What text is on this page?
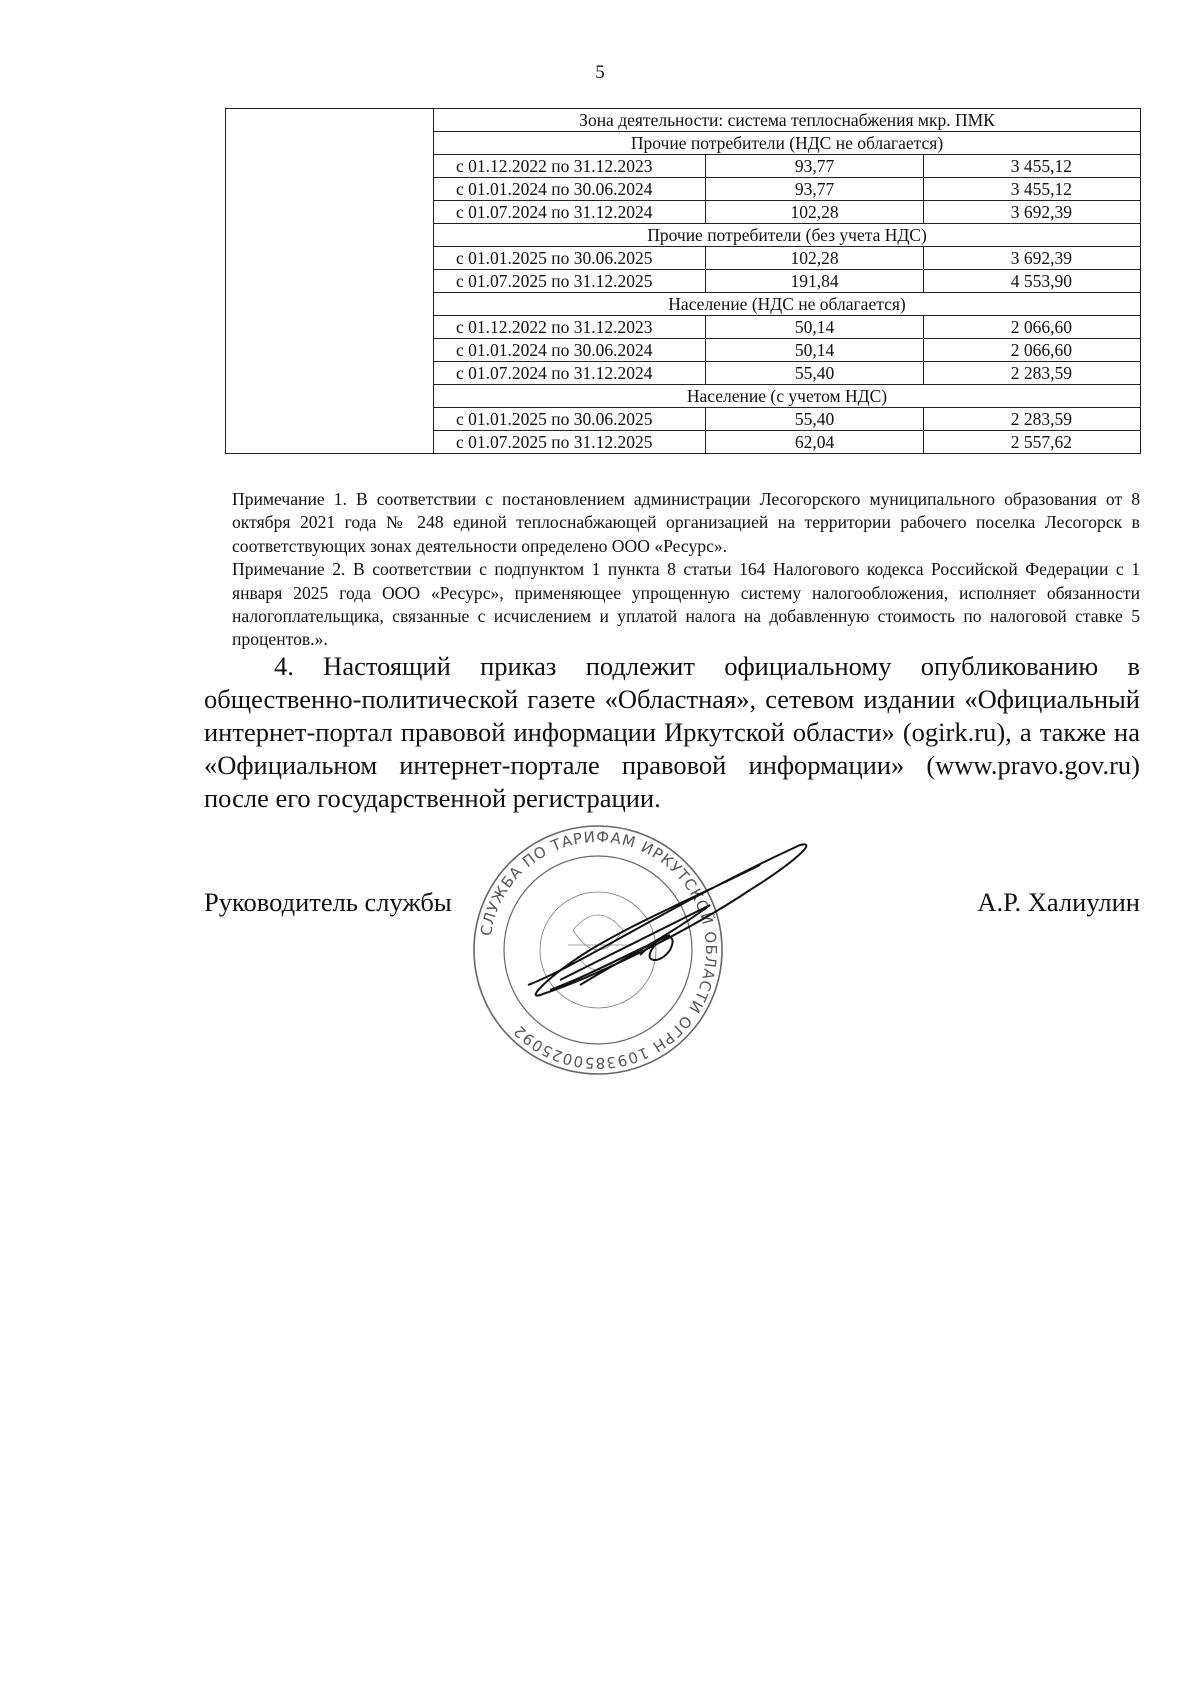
5
	Зона деятельности: система теплоснабжения мкр. ПМК		
	Прочие потребители (НДС не облагается)		
	с 01.12.2022 по 31.12.2023	93,77	3 455,12
	с 01.01.2024 по 30.06.2024	93,77	3 455,12
	с 01.07.2024 по 31.12.2024	102,28	3 692,39
	Прочие потребители (без учета НДС)		
	с 01.01.2025 по 30.06.2025	102,28	3 692,39
	с 01.07.2025 по 31.12.2025	191,84	4 553,90
	Население (НДС не облагается)		
	с 01.12.2022 по 31.12.2023	50,14	2 066,60
	с 01.01.2024 по 30.06.2024	50,14	2 066,60
	с 01.07.2024 по 31.12.2024	55,40	2 283,59
	Население (с учетом НДС)		
	с 01.01.2025 по 30.06.2025	55,40	2 283,59
	с 01.07.2025 по 31.12.2025	62,04	2 557,62

Примечание 1. В соответствии с постановлением администрации Лесогорского муниципального образования от 8 октября 2021 года № 248 единой теплоснабжающей организацией на территории рабочего поселка Лесогорск в соответствующих зонах деятельности определено ООО «Ресурс».

Примечание 2. В соответствии с подпунктом 1 пункта 8 статьи 164 Налогового кодекса Российской Федерации с 1 января 2025 года ООО «Ресурс», применяющее упрощенную систему налогообложения, исполняет обязанности налогоплательщика, связанные с исчислением и уплатой налога на добавленную стоимость по налоговой ставке 5 процентов.».

4. Настоящий приказ подлежит официальному опубликованию в общественно-политической газете «Областная», сетевом издании «Официальный интернет-портал правовой информации Иркутской области» (ogirk.ru), а также на «Официальном интернет-портале правовой информации» (www.pravo.gov.ru) после его государственной регистрации.
СЛУЖБА ПО ТАРИФАМ ИРКУТСКОЙ ОБЛАСТИ ОГРН 1093850025092
Руководитель службы	А.Р. Халиулин
